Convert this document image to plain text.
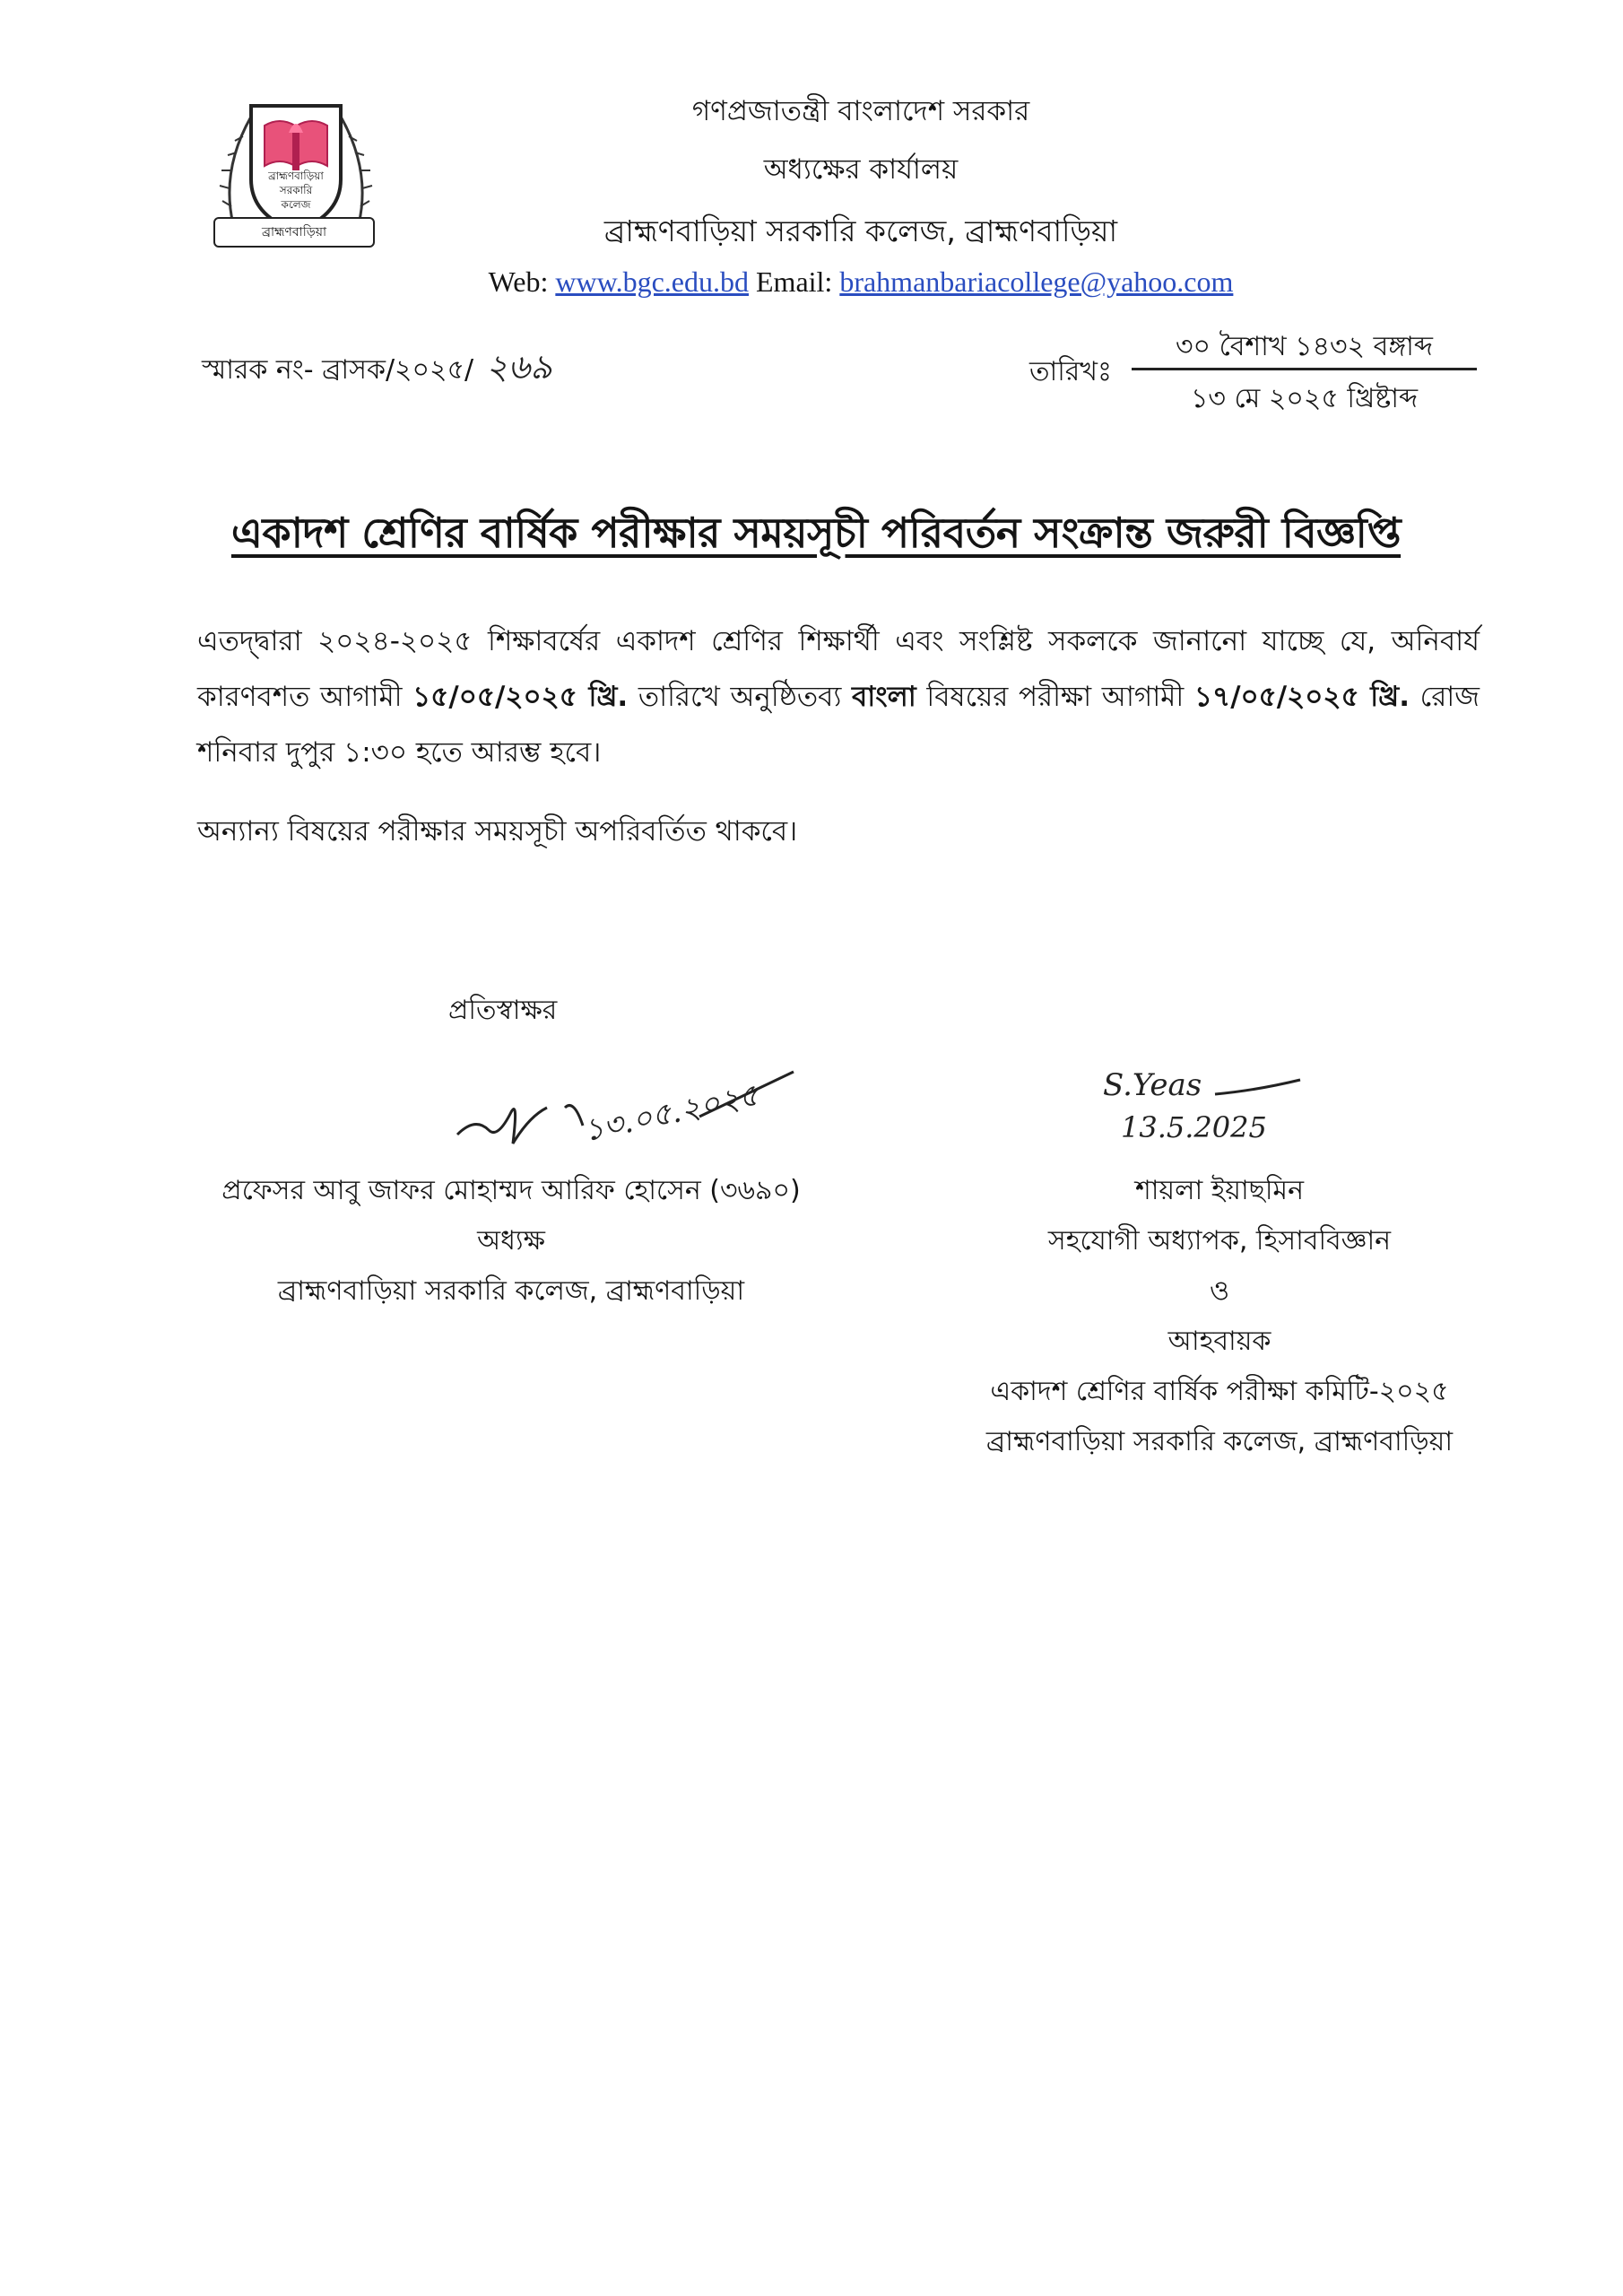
ব্রাহ্মণবাড়িয়া
সরকারি
কলেজ
ব্রাহ্মণবাড়িয়া
গণপ্রজাতন্ত্রী বাংলাদেশ সরকার
অধ্যক্ষের কার্যালয়
ব্রাহ্মণবাড়িয়া সরকারি কলেজ, ব্রাহ্মণবাড়িয়া
Web: www.bgc.edu.bd Email: brahmanbariacollege@yahoo.com
স্মারক নং- ব্রাসক/২০২৫/ ২৬৯	তারিখঃ
৩০ বৈশাখ ১৪৩২ বঙ্গাব্দ
১৩ মে ২০২৫ খ্রিষ্টাব্দ
একাদশ শ্রেণির বার্ষিক পরীক্ষার সময়সূচী পরিবর্তন সংক্রান্ত জরুরী বিজ্ঞপ্তি
এতদ্দ্বারা ২০২৪-২০২৫ শিক্ষাবর্ষের একাদশ শ্রেণির শিক্ষার্থী এবং সংশ্লিষ্ট সকলকে জানানো যাচ্ছে যে, অনিবার্য কারণবশত আগামী ১৫/০৫/২০২৫ খ্রি. তারিখে অনুষ্ঠিতব্য বাংলা বিষয়ের পরীক্ষা আগামী ১৭/০৫/২০২৫ খ্রি. রোজ শনিবার দুপুর ১:৩০ হতে আরম্ভ হবে।
অন্যান্য বিষয়ের পরীক্ষার সময়সূচী অপরিবর্তিত থাকবে।
প্রতিস্বাক্ষর
১৩.০৫.২০২৫
প্রফেসর আবু জাফর মোহাম্মদ আরিফ হোসেন (৩৬৯০)
অধ্যক্ষ
ব্রাহ্মণবাড়িয়া সরকারি কলেজ, ব্রাহ্মণবাড়িয়া
S.Yeas
13.5.2025
শায়লা ইয়াছমিন
সহযোগী অধ্যাপক, হিসাববিজ্ঞান
ও
আহবায়ক
একাদশ শ্রেণির বার্ষিক পরীক্ষা কমিটি-২০২৫
ব্রাহ্মণবাড়িয়া সরকারি কলেজ, ব্রাহ্মণবাড়িয়া
